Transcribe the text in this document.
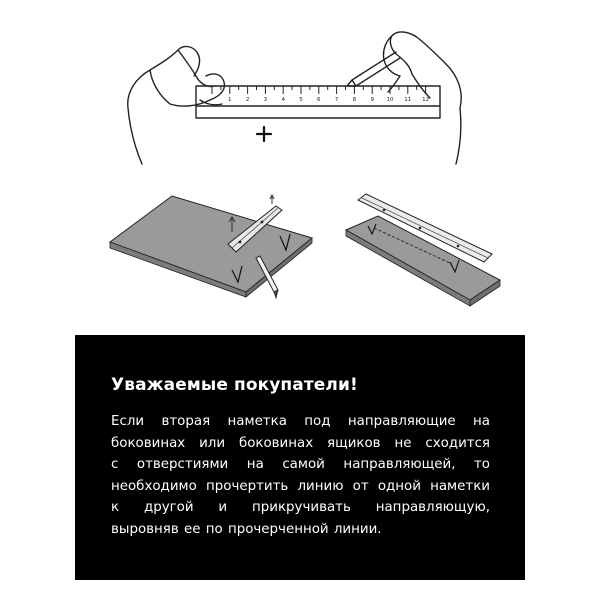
1	2	3	4	5	6	7	8	9 10 11 12
Уважаемые покупатели!
Если вторая наметка под направляющие на
боковинах или боковинах ящиков не сходится
с отверстиями на самой направляющей, то
необходимо прочертить линию от одной наметки
к другой и прикручивать направляющую,
выровняв ее по прочерченной линии.
